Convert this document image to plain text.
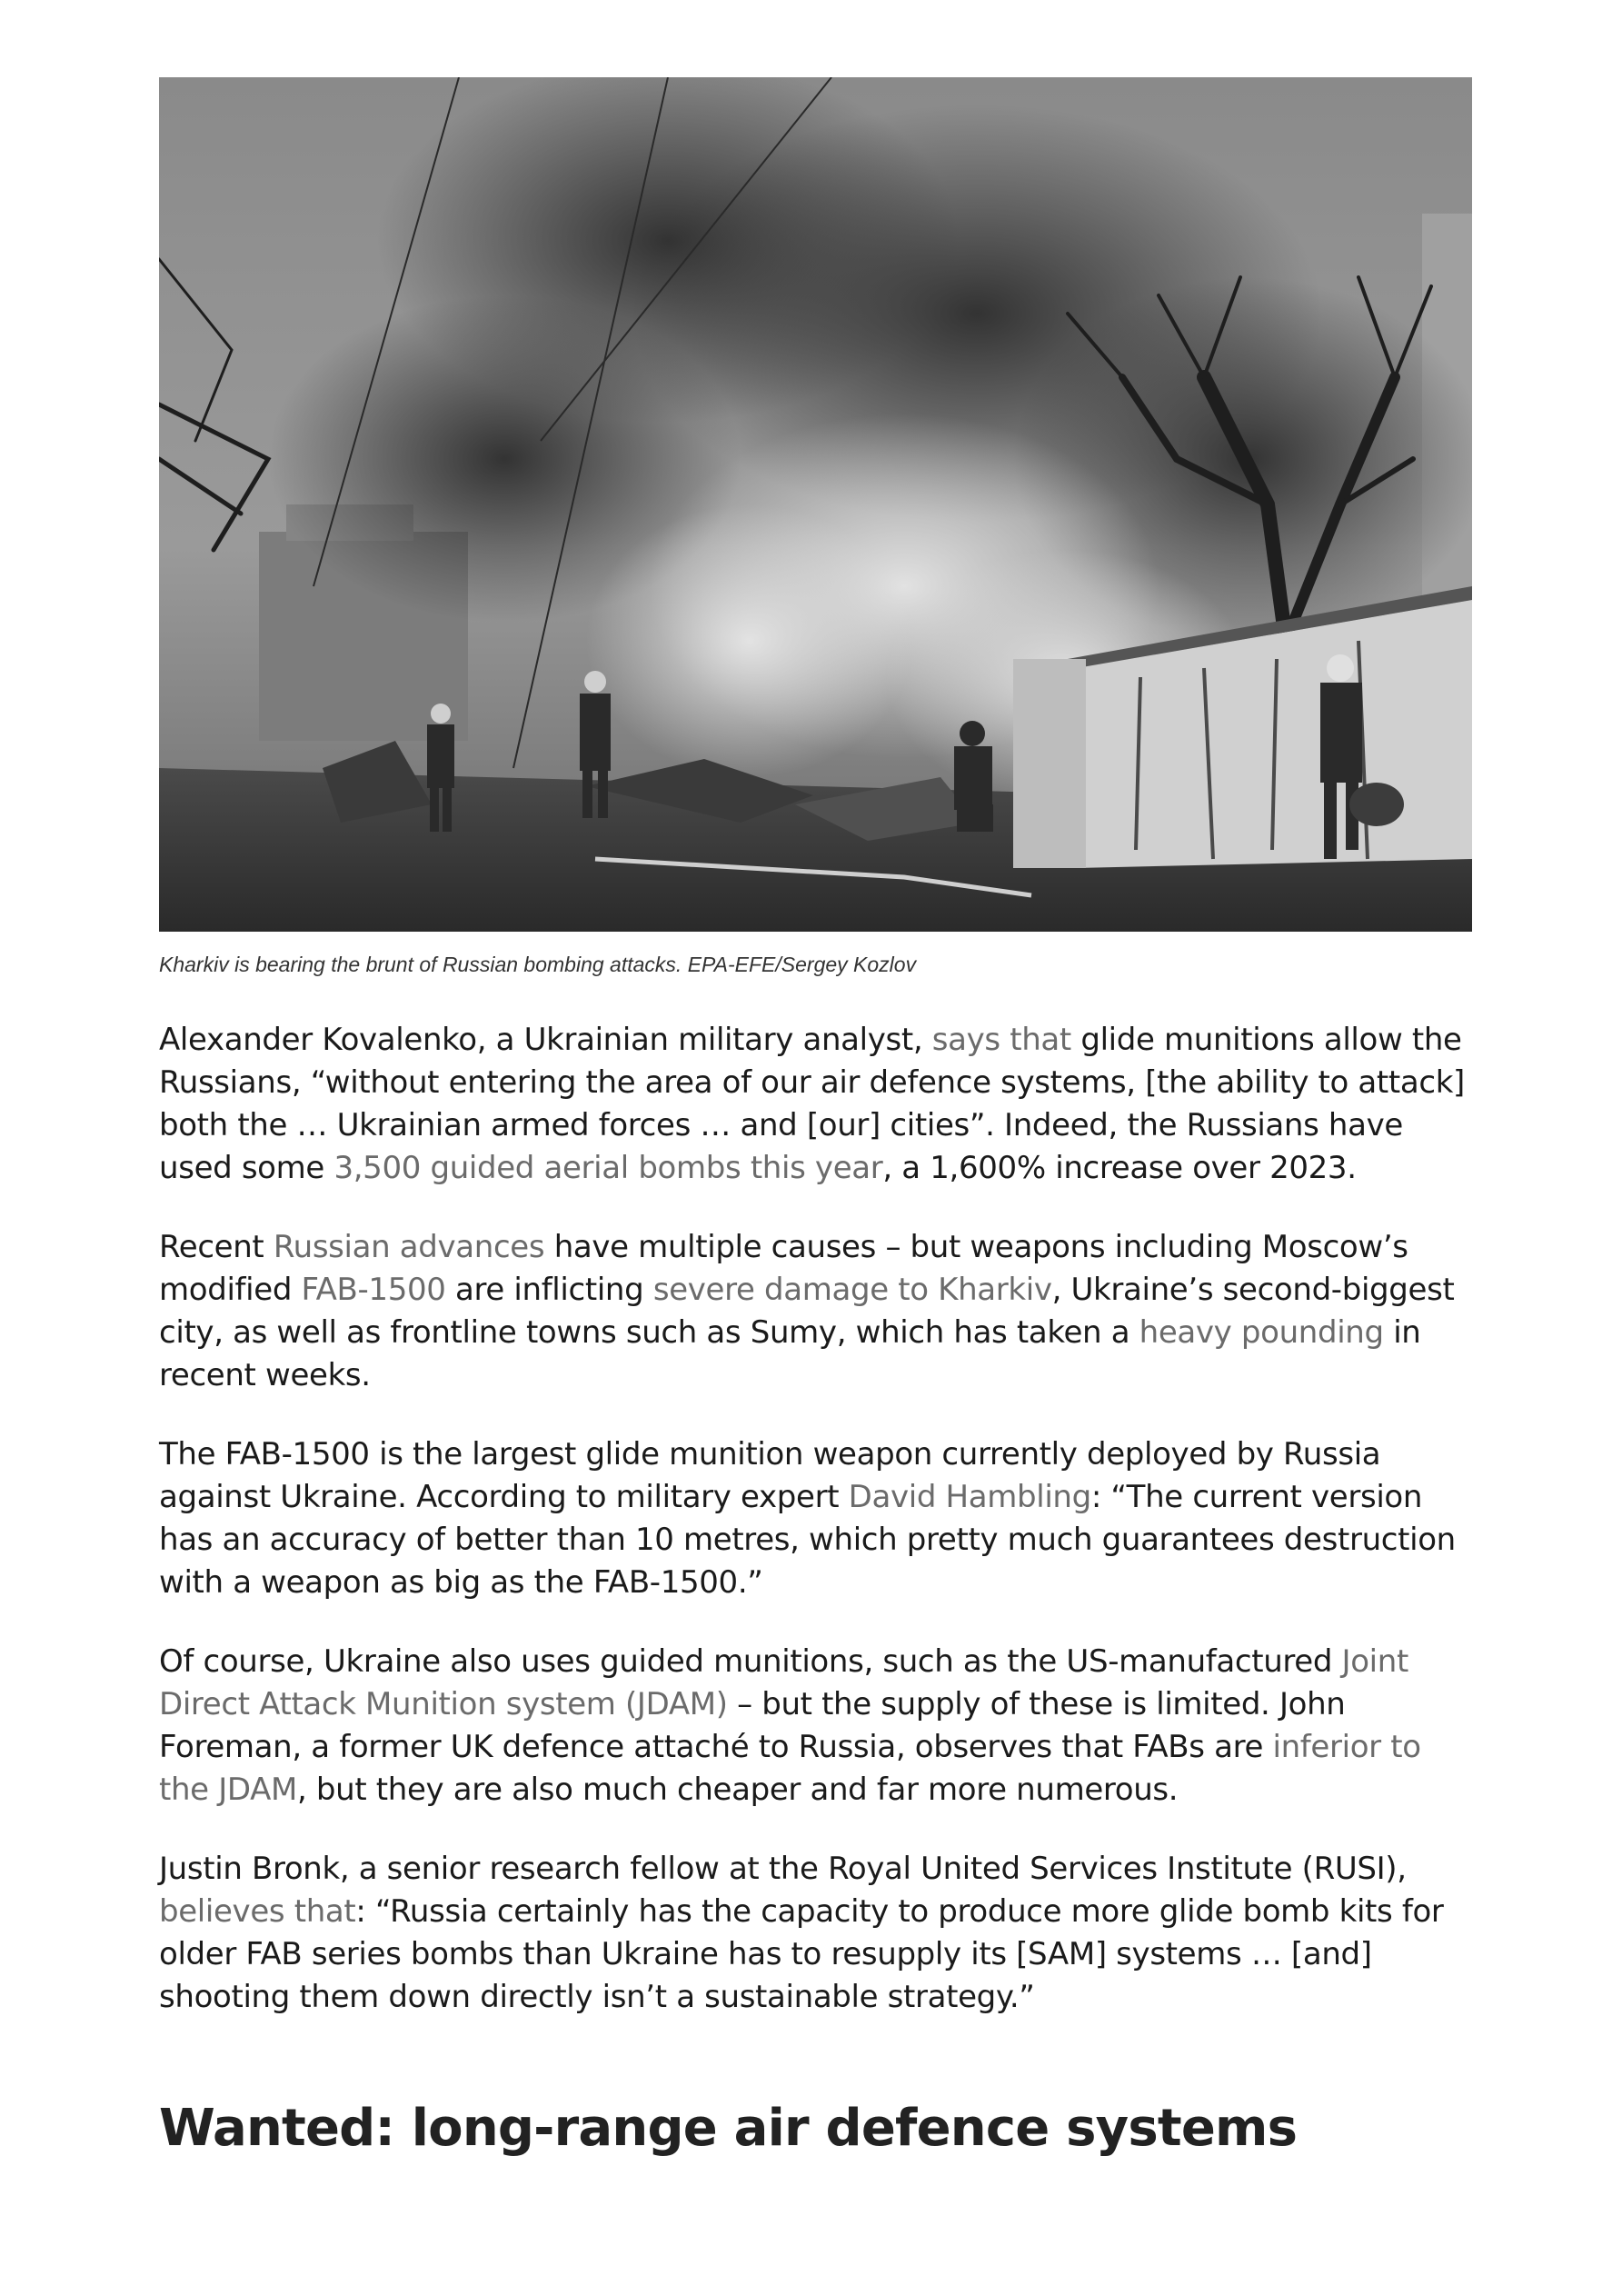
Kharkiv is bearing the brunt of Russian bombing attacks. EPA-EFE/Sergey Kozlov

Alexander Kovalenko, a Ukrainian military analyst, says that glide munitions allow the Russians, “without entering the area of our air defence systems, [the ability to attack] both the … Ukrainian armed forces … and [our] cities”. Indeed, the Russians have used some 3,500 guided aerial bombs this year, a 1,600% increase over 2023.

Recent Russian advances have multiple causes – but weapons including Moscow’s modified FAB-1500 are inflicting severe damage to Kharkiv, Ukraine’s second-biggest city, as well as frontline towns such as Sumy, which has taken a heavy pounding in recent weeks.

The FAB-1500 is the largest glide munition weapon currently deployed by Russia against Ukraine. According to military expert David Hambling: “The current version has an accuracy of better than 10 metres, which pretty much guarantees destruction with a weapon as big as the FAB-1500.”

Of course, Ukraine also uses guided munitions, such as the US-manufactured Joint Direct Attack Munition system (JDAM) – but the supply of these is limited. John Foreman, a former UK defence attaché to Russia, observes that FABs are inferior to the JDAM, but they are also much cheaper and far more numerous.

Justin Bronk, a senior research fellow at the Royal United Services Institute (RUSI), believes that: “Russia certainly has the capacity to produce more glide bomb kits for older FAB series bombs than Ukraine has to resupply its [SAM] systems … [and] shooting them down directly isn’t a sustainable strategy.”

Wanted: long-range air defence systems
